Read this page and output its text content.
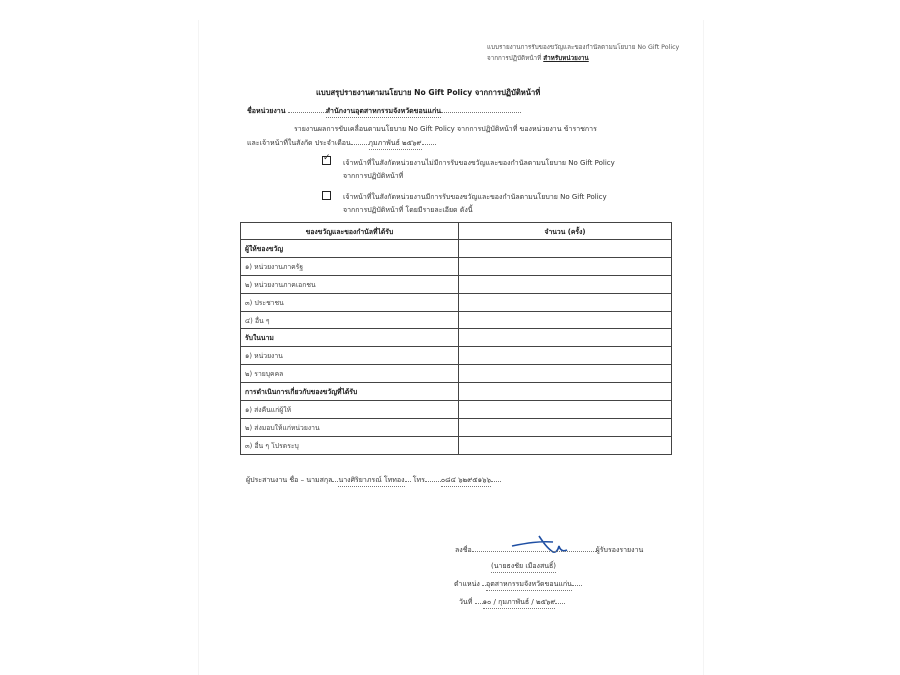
แบบรายงานการรับของขวัญและของกำนัลตามนโยบาย No Gift Policy
จากการปฏิบัติหน้าที่ สำหรับหน่วยงาน
แบบสรุปรายงานตามนโยบาย No Gift Policy จากการปฏิบัติหน้าที่
ชื่อหน่วยงาน	สำนักงานอุตสาหกรรมจังหวัดขอนแก่น
รายงานผลการขับเคลื่อนตามนโยบาย No Gift Policy จากการปฏิบัติหน้าที่ ของหน่วยงาน ข้าราชการ
และเจ้าหน้าที่ในสังกัด ประจำเดือน	กุมภาพันธ์ ๒๕๖๙
✓
เจ้าหน้าที่ในสังกัดหน่วยงานไม่มีการรับของขวัญและของกำนัลตามนโยบาย No Gift Policy
จากการปฏิบัติหน้าที่
เจ้าหน้าที่ในสังกัดหน่วยงานมีการรับของขวัญและของกำนัลตามนโยบาย No Gift Policy
จากการปฏิบัติหน้าที่ โดยมีรายละเอียด ดังนี้
ของขวัญและของกำนัลที่ได้รับ	จำนวน (ครั้ง)
ผู้ให้ของขวัญ	
๑) หน่วยงานภาครัฐ	
๒) หน่วยงานภาคเอกชน	
๓) ประชาชน	
๔) อื่น ๆ	
รับในนาม	
๑) หน่วยงาน	
๒) รายบุคคล	
การดำเนินการเกี่ยวกับของขวัญที่ได้รับ	
๑) ส่งคืนแก่ผู้ให้	
๒) ส่งมอบให้แก่หน่วยงาน	
๓) อื่น ๆ โปรดระบุ	
ผู้ประสานงาน ชื่อ – นามสกุล นางศิริยาภรณ์ โททอง โทร ๐๘๔ ๖๒๙๕๑๖๖
ลงชื่อ	ผู้รับรองรายงาน
(นายธงชัย เมืองสนธิ์)
ตำแหน่ง อุตสาหกรรมจังหวัดขอนแก่น
วันที่ ๑๐ / กุมภาพันธ์ / ๒๕๖๙
